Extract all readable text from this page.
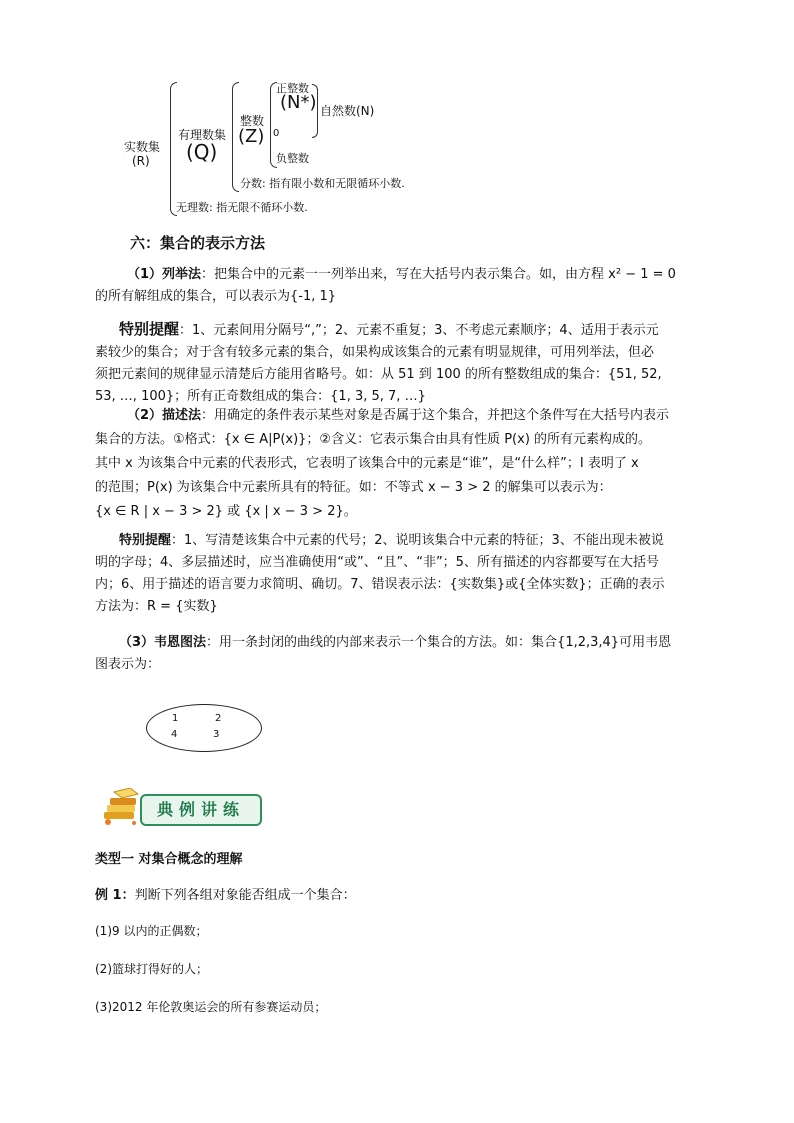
实数集
(R)
有理数集
(Q)
整数
(Z)
正整数
(N*)
0
负整数
自然数(N)
分数: 指有限小数和无限循环小数.
无理数: 指无限不循环小数.
六：集合的表示方法
（1）列举法：把集合中的元素一一列举出来，写在大括号内表示集合。如，由方程 x² − 1 = 0
的所有解组成的集合，可以表示为{-1, 1}
特别提醒：1、元素间用分隔号“,”；2、元素不重复；3、不考虑元素顺序；4、适用于表示元
素较少的集合；对于含有较多元素的集合，如果构成该集合的元素有明显规律，可用列举法，但必
须把元素间的规律显示清楚后方能用省略号。如：从 51 到 100 的所有整数组成的集合：{51, 52,
53, …, 100}；所有正奇数组成的集合：{1, 3, 5, 7, …}
（2）描述法：用确定的条件表示某些对象是否属于这个集合，并把这个条件写在大括号内表示
集合的方法。①格式：{x ∈ A|P(x)}；②含义：它表示集合由具有性质 P(x) 的所有元素构成的。
其中 x 为该集合中元素的代表形式，它表明了该集合中的元素是“谁”，是“什么样”；I 表明了 x
的范围；P(x) 为该集合中元素所具有的特征。如：不等式 x − 3 > 2 的解集可以表示为：
{x ∈ R | x − 3 > 2} 或 {x | x − 3 > 2}。
特别提醒：1、写清楚该集合中元素的代号；2、说明该集合中元素的特征；3、不能出现未被说
明的字母；4、多层描述时，应当准确使用“或”、“且”、“非”；5、所有描述的内容都要写在大括号
内；6、用于描述的语言要力求简明、确切。7、错误表示法：{实数集}或{全体实数}；正确的表示
方法为：R = {实数}
（3）韦恩图法：用一条封闭的曲线的内部来表示一个集合的方法。如：集合{1,2,3,4}可用韦恩
图表示为：
1	2
4	3
典例讲练
类型一 对集合概念的理解
例 1：判断下列各组对象能否组成一个集合：
(1)9 以内的正偶数；
(2)篮球打得好的人；
(3)2012 年伦敦奥运会的所有参赛运动员；
